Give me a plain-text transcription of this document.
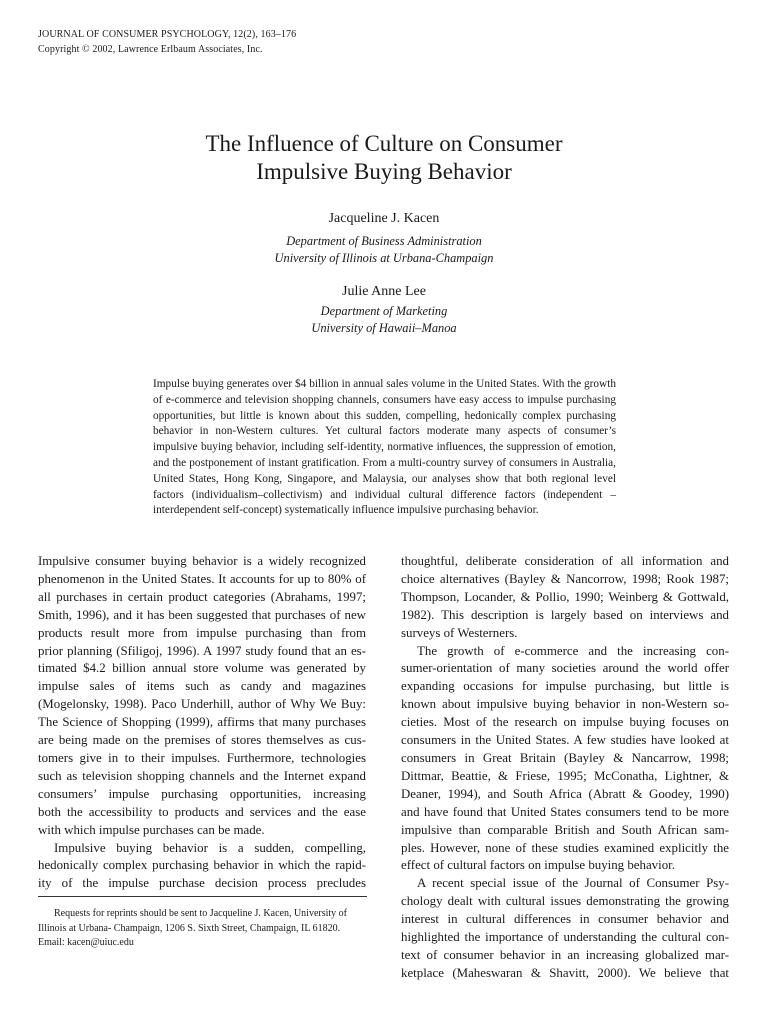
JOURNAL OF CONSUMER PSYCHOLOGY, 12(2), 163–176
Copyright © 2002, Lawrence Erlbaum Associates, Inc.
The Influence of Culture on Consumer
Impulsive Buying Behavior
Jacqueline J. Kacen
Department of Business Administration
University of Illinois at Urbana-Champaign
Julie Anne Lee
Department of Marketing
University of Hawaii–Manoa
Impulse buying generates over $4 billion in annual sales volume in the United States. With the growth of e-commerce and television shopping channels, consumers have easy access to impulse purchasing opportunities, but little is known about this sudden, compelling, hedonically complex purchasing behavior in non-Western cultures. Yet cultural factors moderate many aspects of consumer’s impulsive buying behavior, including self-identity, normative influences, the suppression of emotion, and the postponement of instant gratification. From a multi-country survey of consumers in Australia, United States, Hong Kong, Singapore, and Malaysia, our analyses show that both regional level factors (individualism–collectivism) and individual cultural difference factors (independent –interdependent self-concept) systematically influence impulsive purchasing behavior.
Impulsive consumer buying behavior is a widely recognized
phenomenon in the United States. It accounts for up to 80% of
all purchases in certain product categories (Abrahams, 1997;
Smith, 1996), and it has been suggested that purchases of new
products result more from impulse purchasing than from
prior planning (Sfiligoj, 1996). A 1997 study found that an es-
timated $4.2 billion annual store volume was generated by
impulse sales of items such as candy and magazines
(Mogelonsky, 1998). Paco Underhill, author of Why We Buy:
The Science of Shopping (1999), affirms that many purchases
are being made on the premises of stores themselves as cus-
tomers give in to their impulses. Furthermore, technologies
such as television shopping channels and the Internet expand
consumers’ impulse purchasing opportunities, increasing
both the accessibility to products and services and the ease
with which impulse purchases can be made.
Impulsive buying behavior is a sudden, compelling,
hedonically complex purchasing behavior in which the rapid-
ity of the impulse purchase decision process precludes
thoughtful, deliberate consideration of all information and
choice alternatives (Bayley & Nancorrow, 1998; Rook 1987;
Thompson, Locander, & Pollio, 1990; Weinberg & Gottwald,
1982). This description is largely based on interviews and
surveys of Westerners.
The growth of e-commerce and the increasing con-
sumer-orientation of many societies around the world offer
expanding occasions for impulse purchasing, but little is
known about impulsive buying behavior in non-Western so-
cieties. Most of the research on impulse buying focuses on
consumers in the United States. A few studies have looked at
consumers in Great Britain (Bayley & Nancarrow, 1998;
Dittmar, Beattie, & Friese, 1995; McConatha, Lightner, &
Deaner, 1994), and South Africa (Abratt & Goodey, 1990)
and have found that United States consumers tend to be more
impulsive than comparable British and South African sam-
ples. However, none of these studies examined explicitly the
effect of cultural factors on impulse buying behavior.
A recent special issue of the Journal of Consumer Psy-
chology dealt with cultural issues demonstrating the growing
interest in cultural differences in consumer behavior and
highlighted the importance of understanding the cultural con-
text of consumer behavior in an increasing globalized mar-
ketplace (Maheswaran & Shavitt, 2000). We believe that
Requests for reprints should be sent to Jacqueline J. Kacen, University of
Illinois at Urbana- Champaign, 1206 S. Sixth Street, Champaign, IL 61820.
Email: kacen@uiuc.edu
